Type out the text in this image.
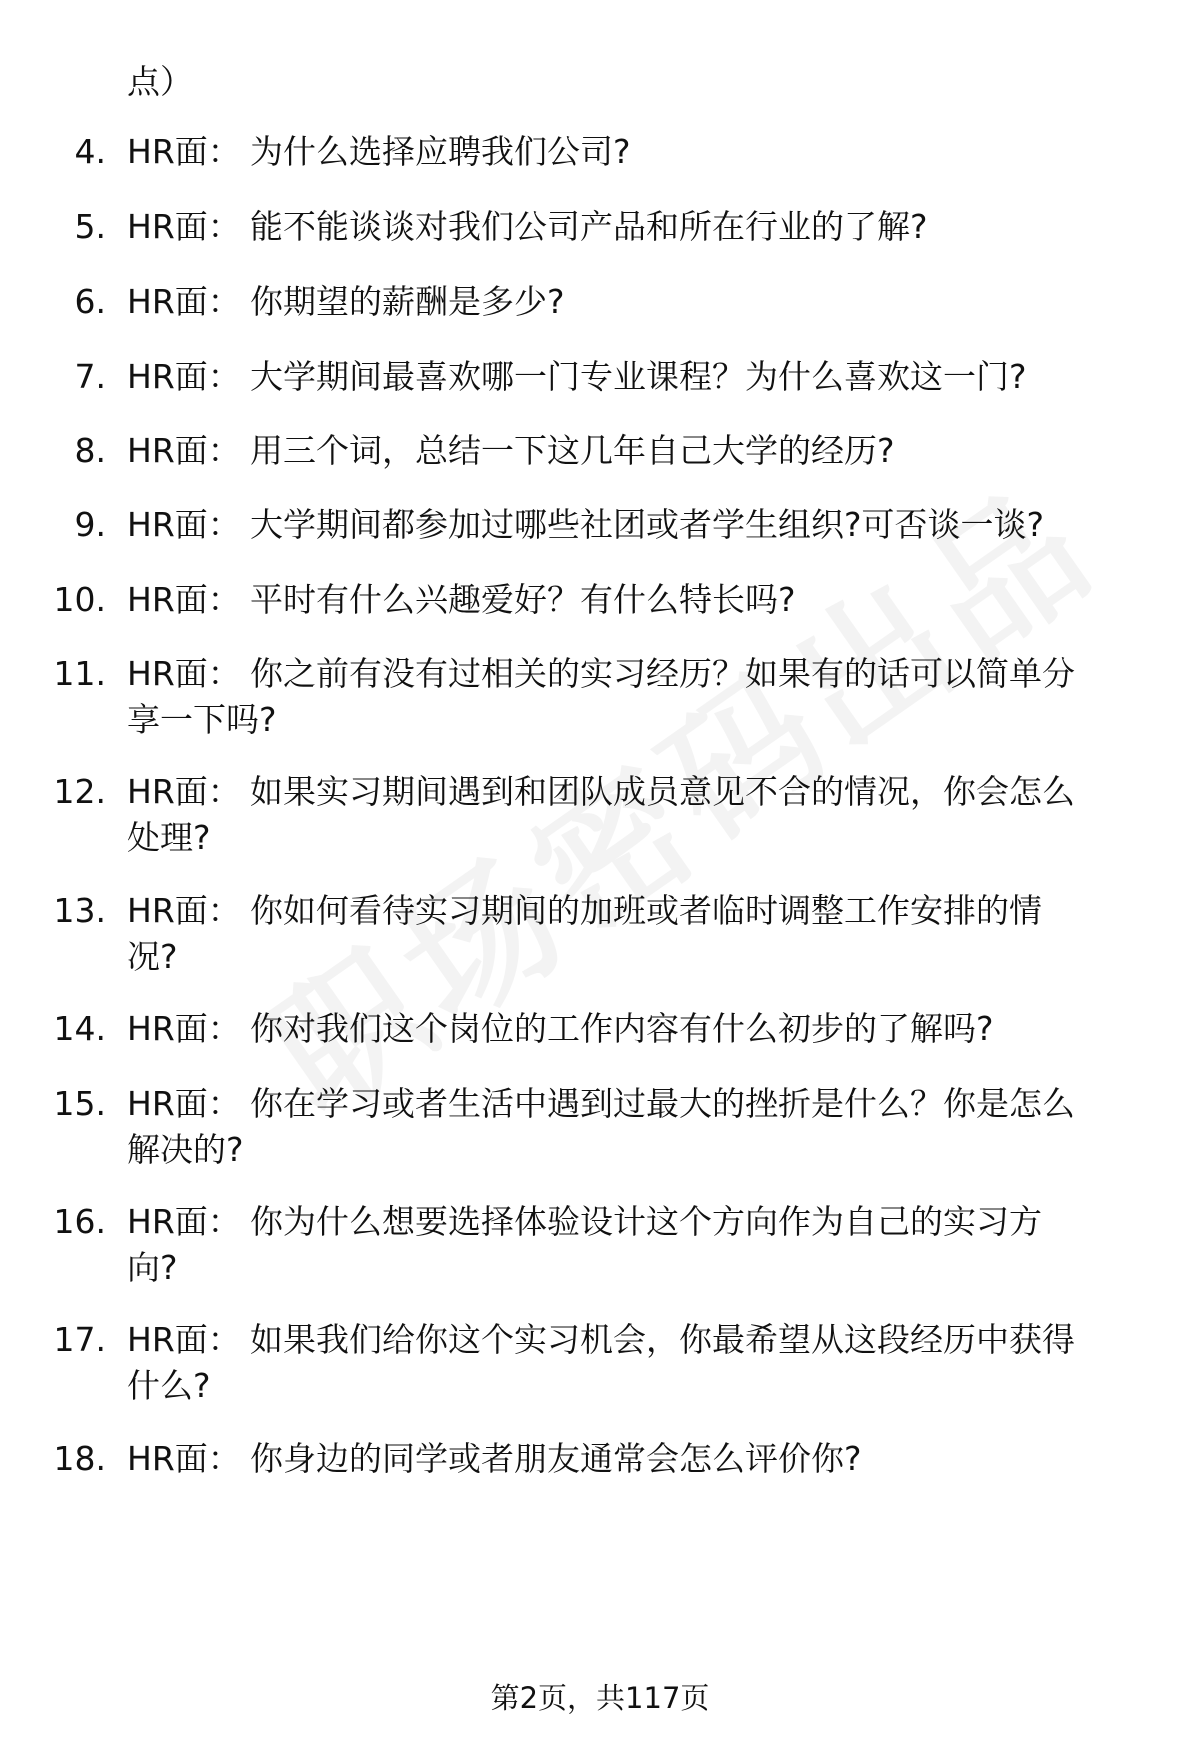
点）
4. HR面： 为什么选择应聘我们公司?
5. HR面： 能不能谈谈对我们公司产品和所在行业的了解?
6. HR面： 你期望的薪酬是多少?
7. HR面： 大学期间最喜欢哪一门专业课程？为什么喜欢这一门?
8. HR面： 用三个词，总结一下这几年自己大学的经历?
9. HR面： 大学期间都参加过哪些社团或者学生组织?可否谈一谈?
10. HR面： 平时有什么兴趣爱好？有什么特长吗?
11. HR面： 你之前有没有过相关的实习经历？如果有的话可以简单分
享一下吗?
12. HR面： 如果实习期间遇到和团队成员意见不合的情况，你会怎么
处理?
13. HR面： 你如何看待实习期间的加班或者临时调整工作安排的情
况?
14. HR面： 你对我们这个岗位的工作内容有什么初步的了解吗?
15. HR面： 你在学习或者生活中遇到过最大的挫折是什么？你是怎么
解决的?
16. HR面： 你为什么想要选择体验设计这个方向作为自己的实习方
向?
17. HR面： 如果我们给你这个实习机会，你最希望从这段经历中获得
什么?
18. HR面： 你身边的同学或者朋友通常会怎么评价你?
第2页，共117页
